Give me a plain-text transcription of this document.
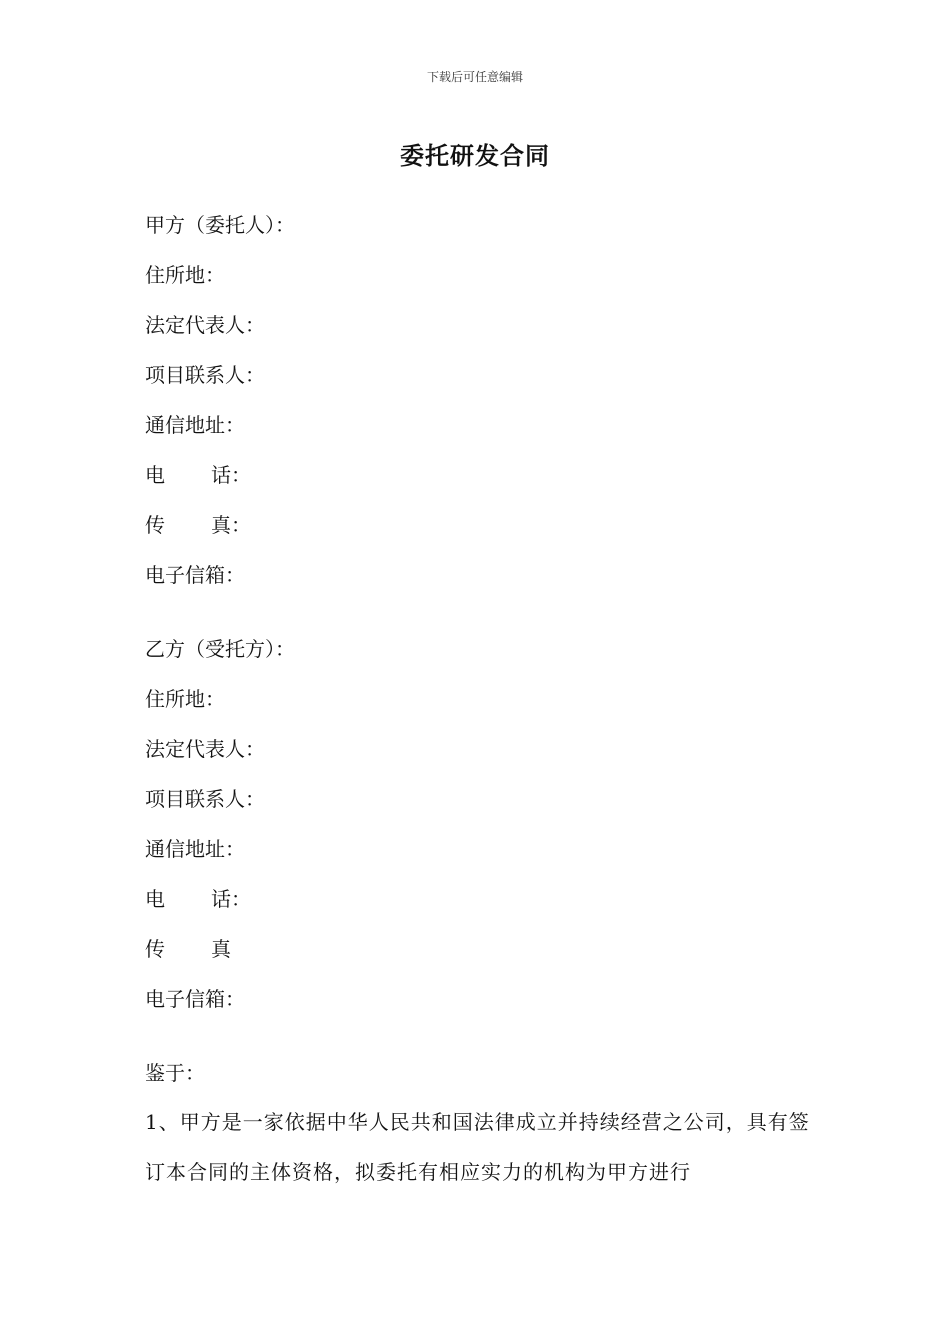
下载后可任意编辑
委托研发合同
甲方（委托人）：
住所地：
法定代表人：
项目联系人：
通信地址：
电 话：
传 真：
电子信箱：
乙方（受托方）：
住所地：
法定代表人：
项目联系人：
通信地址：
电 话：
传 真
电子信箱：
鉴于：
1、甲方是一家依据中华人民共和国法律成立并持续经营之公司，具有签订本合同的主体资格，拟委托有相应实力的机构为甲方进行
